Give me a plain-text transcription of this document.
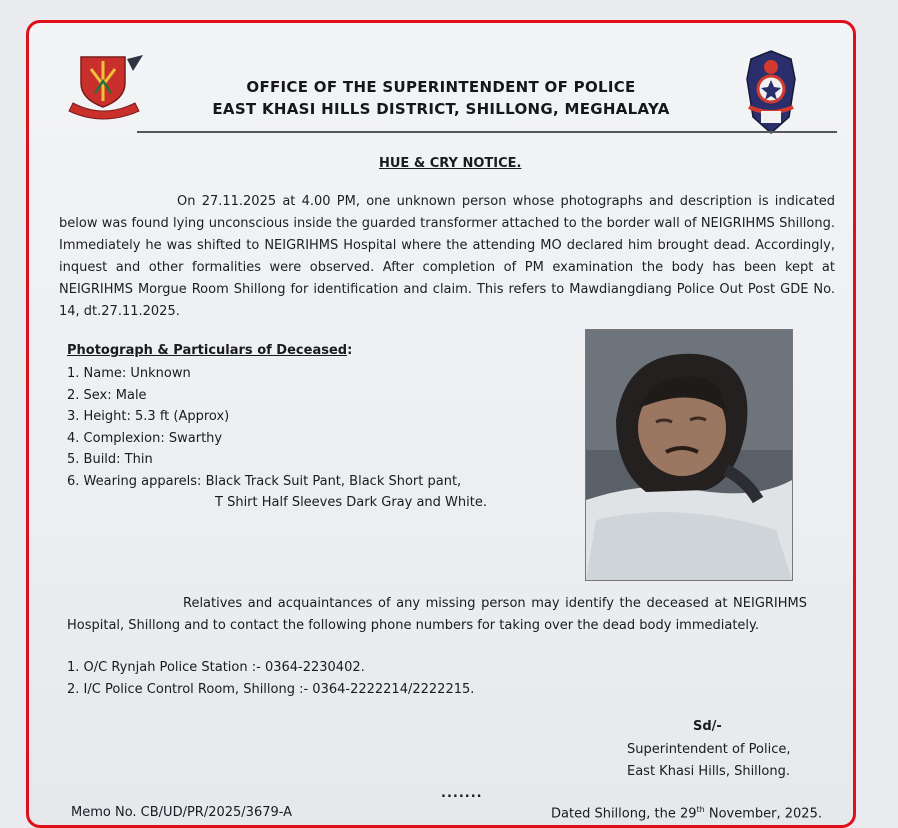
OFFICE OF THE SUPERINTENDENT OF POLICE
EAST KHASI HILLS DISTRICT, SHILLONG, MEGHALAYA
HUE & CRY NOTICE.
On 27.11.2025 at 4.00 PM, one unknown person whose photographs and description is indicated below was found lying unconscious inside the guarded transformer attached to the border wall of NEIGRIHMS Shillong. Immediately he was shifted to NEIGRIHMS Hospital where the attending MO declared him brought dead. Accordingly, inquest and other formalities were observed. After completion of PM examination the body has been kept at NEIGRIHMS Morgue Room Shillong for identification and claim. This refers to Mawdiangdiang Police Out Post GDE No. 14, dt.27.11.2025.
Photograph & Particulars of Deceased:
1. Name: Unknown
2. Sex: Male
3. Height: 5.3 ft (Approx)
4. Complexion: Swarthy
5. Build: Thin
6. Wearing apparels: Black Track Suit Pant, Black Short pant,
T Shirt Half Sleeves Dark Gray and White.
Relatives and acquaintances of any missing person may identify the deceased at NEIGRIHMS Hospital, Shillong and to contact the following phone numbers for taking over the dead body immediately.
1. O/C Rynjah Police Station :- 0364-2230402.
2. I/C Police Control Room, Shillong :- 0364-2222214/2222215.
Sd/-
Superintendent of Police,
East Khasi Hills, Shillong.
.......
Memo No. CB/UD/PR/2025/3679-A	Dated Shillong, the 29th November, 2025.
